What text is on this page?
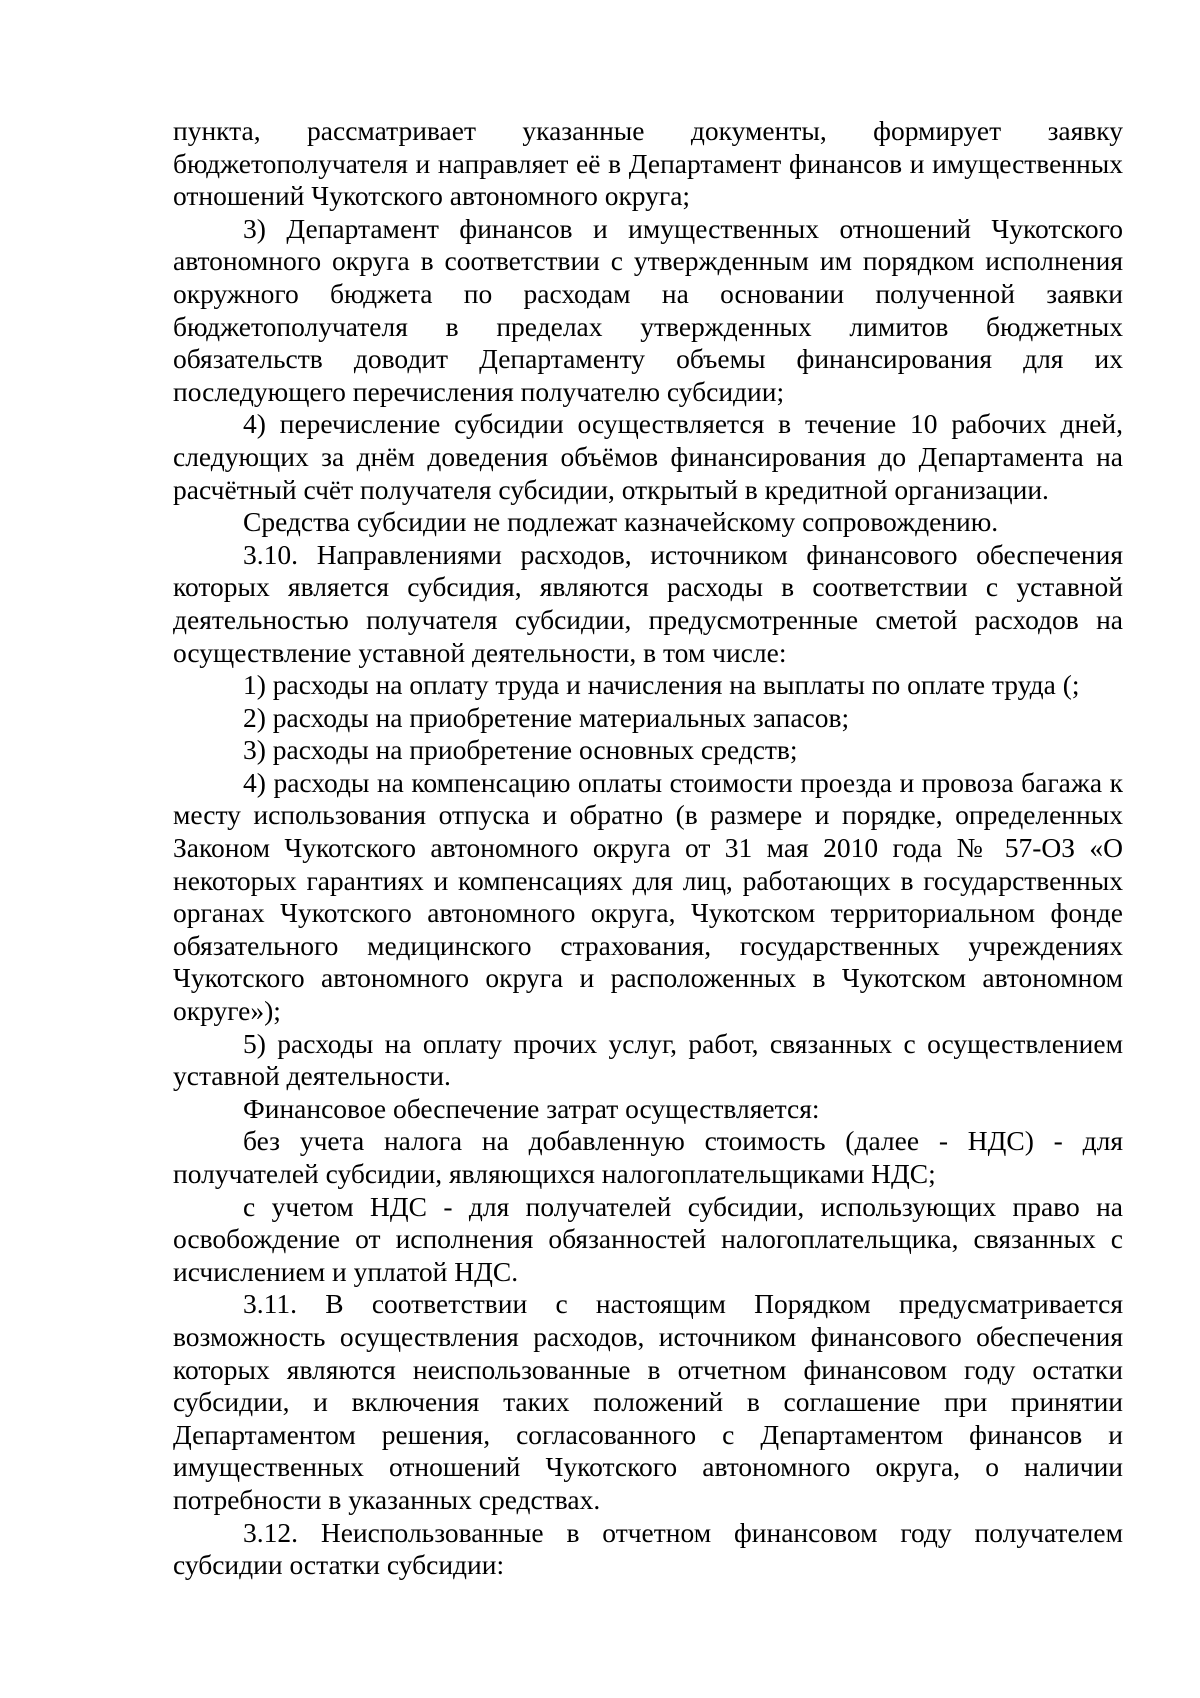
пункта, рассматривает указанные документы, формирует заявку бюджетополучателя и направляет её в Департамент финансов и имущественных отношений Чукотского автономного округа;

3) Департамент финансов и имущественных отношений Чукотского автономного округа в соответствии с утвержденным им порядком исполнения окружного бюджета по расходам на основании полученной заявки бюджетополучателя в пределах утвержденных лимитов бюджетных обязательств доводит Департаменту объемы финансирования для их последующего перечисления получателю субсидии;

4) перечисление субсидии осуществляется в течение 10 рабочих дней, следующих за днём доведения объёмов финансирования до Департамента на расчётный счёт получателя субсидии, открытый в кредитной организации.

Средства субсидии не подлежат казначейскому сопровождению.

3.10. Направлениями расходов, источником финансового обеспечения которых является субсидия, являются расходы в соответствии с уставной деятельностью получателя субсидии, предусмотренные сметой расходов на осуществление уставной деятельности, в том числе:

1) расходы на оплату труда и начисления на выплаты по оплате труда (;

2) расходы на приобретение материальных запасов;

3) расходы на приобретение основных средств;

4) расходы на компенсацию оплаты стоимости проезда и провоза багажа к месту использования отпуска и обратно (в размере и порядке, определенных Законом Чукотского автономного округа от 31 мая 2010 года № 57-ОЗ «О некоторых гарантиях и компенсациях для лиц, работающих в государственных органах Чукотского автономного округа, Чукотском территориальном фонде обязательного медицинского страхования, государственных учреждениях Чукотского автономного округа и расположенных в Чукотском автономном округе»);

5) расходы на оплату прочих услуг, работ, связанных с осуществлением уставной деятельности.

Финансовое обеспечение затрат осуществляется:

без учета налога на добавленную стоимость (далее - НДС) - для получателей субсидии, являющихся налогоплательщиками НДС;

с учетом НДС - для получателей субсидии, использующих право на освобождение от исполнения обязанностей налогоплательщика, связанных с исчислением и уплатой НДС.

3.11. В соответствии с настоящим Порядком предусматривается возможность осуществления расходов, источником финансового обеспечения которых являются неиспользованные в отчетном финансовом году остатки субсидии, и включения таких положений в соглашение при принятии Департаментом решения, согласованного с Департаментом финансов и имущественных отношений Чукотского автономного округа, о наличии потребности в указанных средствах.

3.12. Неиспользованные в отчетном финансовом году получателем субсидии остатки субсидии:
